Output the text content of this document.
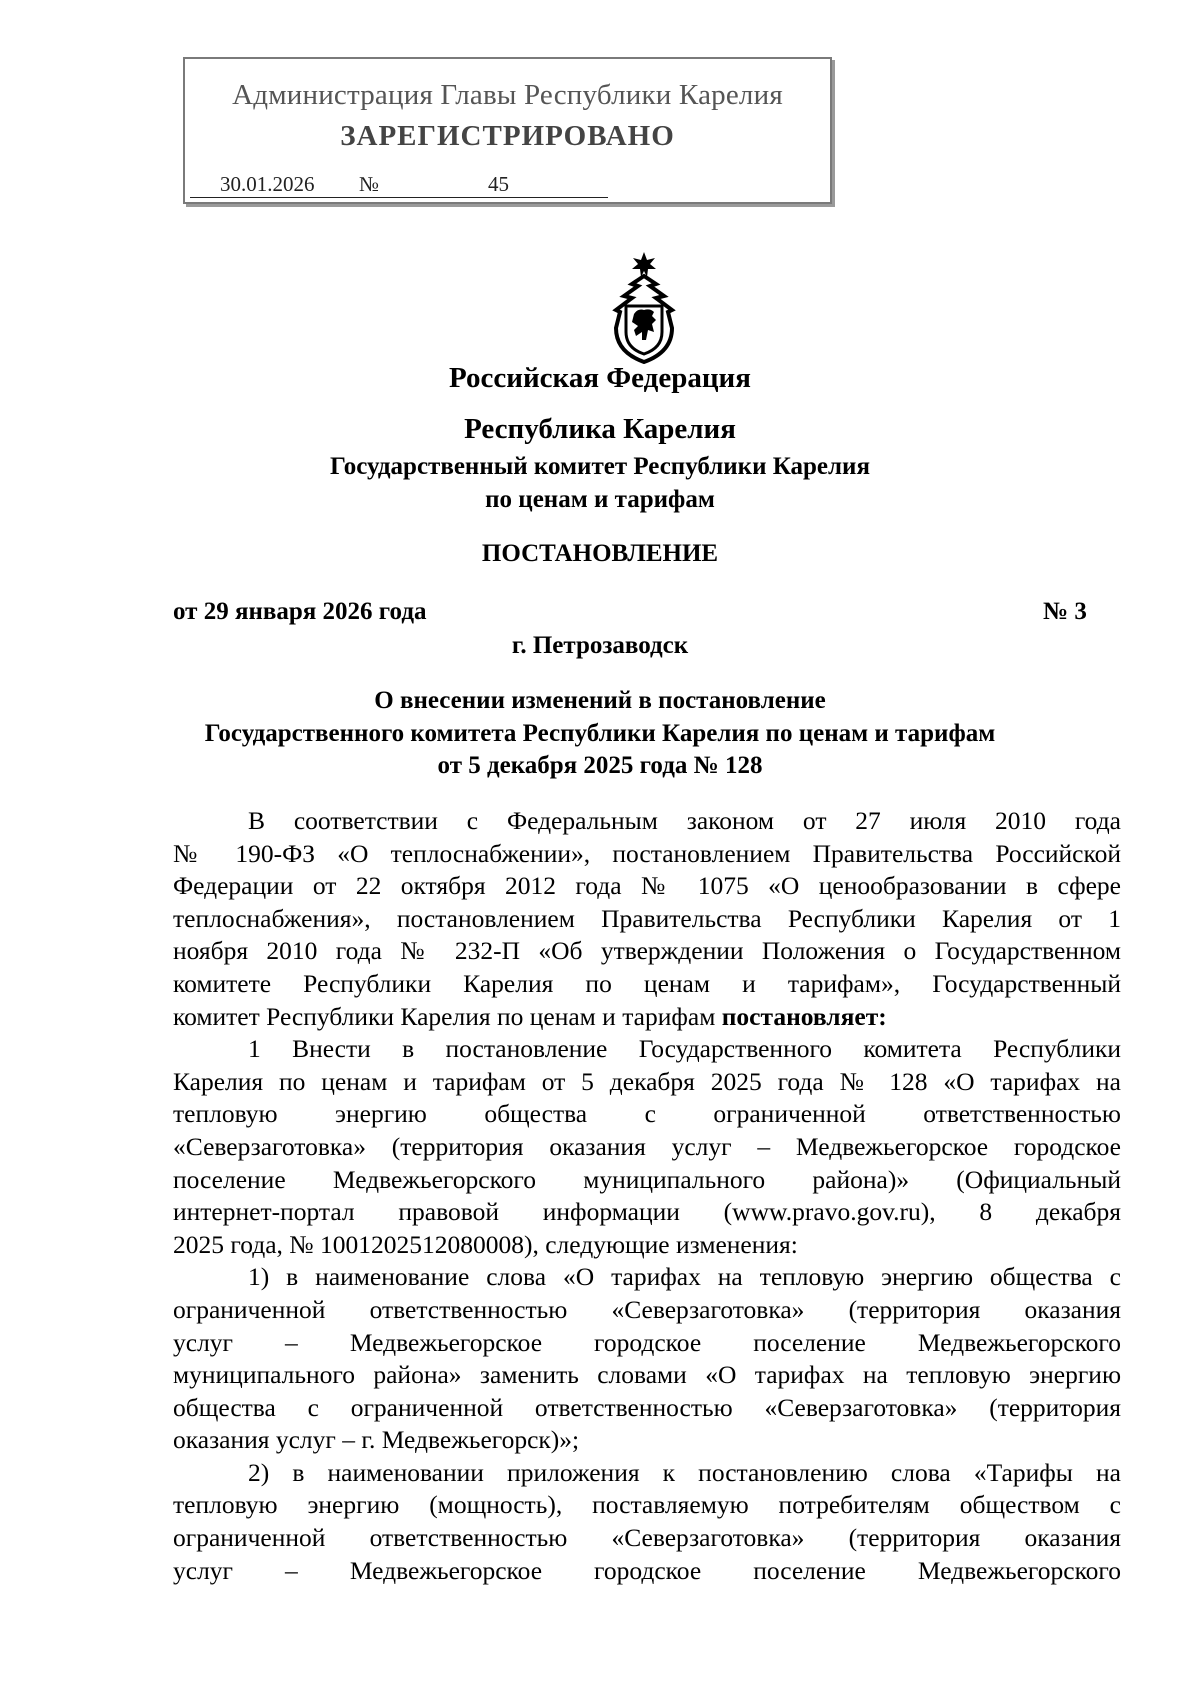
Администрация Главы Республики Карелия
ЗАРЕГИСТРИРОВАНО
30.01.2026 №	45
Российская Федерация
Республика Карелия
Государственный комитет Республики Карелия
по ценам и тарифам
ПОСТАНОВЛЕНИЕ
от 29 января 2026 года	№ 3
г. Петрозаводск
О внесении изменений в постановление
Государственного комитета Республики Карелия по ценам и тарифам
от 5 декабря 2025 года № 128
В соответствии с Федеральным законом от 27 июля 2010 года
№ 190-ФЗ «О теплоснабжении», постановлением Правительства Российской
Федерации от 22 октября 2012 года № 1075 «О ценообразовании в сфере
теплоснабжения», постановлением Правительства Республики Карелия от 1
ноября 2010 года № 232-П «Об утверждении Положения о Государственном
комитете Республики Карелия по ценам и тарифам», Государственный
комитет Республики Карелия по ценам и тарифам постановляет:
1 Внести в постановление Государственного комитета Республики
Карелия по ценам и тарифам от 5 декабря 2025 года № 128 «О тарифах на
тепловую энергию общества с ограниченной ответственностью
«Северзаготовка» (территория оказания услуг – Медвежьегорское городское
поселение Медвежьегорского муниципального района)» (Официальный
интернет-портал правовой информации (www.pravo.gov.ru), 8 декабря
2025 года, № 1001202512080008), следующие изменения:
1) в наименование слова «О тарифах на тепловую энергию общества с
ограниченной ответственностью «Северзаготовка» (территория оказания
услуг – Медвежьегорское городское поселение Медвежьегорского
муниципального района» заменить словами «О тарифах на тепловую энергию
общества с ограниченной ответственностью «Северзаготовка» (территория
оказания услуг – г. Медвежьегорск)»;
2) в наименовании приложения к постановлению слова «Тарифы на
тепловую энергию (мощность), поставляемую потребителям обществом с
ограниченной ответственностью «Северзаготовка» (территория оказания
услуг – Медвежьегорское городское поселение Медвежьегорского
